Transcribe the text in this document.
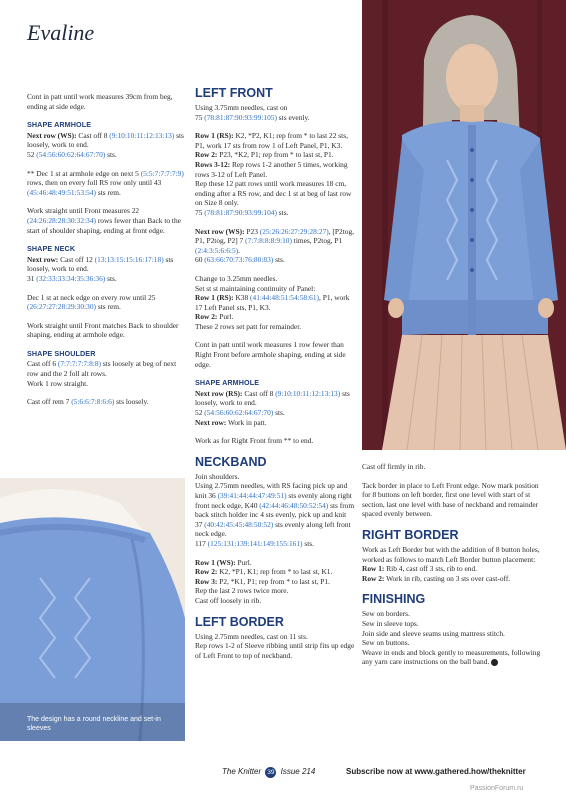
Evaline

Cont in patt until work measures 39cm from beg, ending at side edge.

SHAPE ARMHOLE

Next row (WS): Cast off 8 (9:10:10:11:12:13:13) sts loosely, work to end.
52 (54:56:60:62:64:67:70) sts.

** Dec 1 st at armhole edge on next 5 (5:5:7:7:7:7:9) rows, then on every foll RS row only until 43 (45:46:48:49:51:53:54) sts rem.

Work straight until Front measures 22 (24:26:28:28:30:32:34) rows fewer than Back to the start of shoulder shaping, ending at front edge.

SHAPE NECK

Next row: Cast off 12 (13:13:15:15:16:17:18) sts loosely, work to end.
31 (32:33:33:34:35:36:36) sts.

Dec 1 st at neck edge on every row until 25 (26:27:27:28:29:30:30) sts rem.

Work straight until Front matches Back to shoulder shaping, ending at armhole edge.

SHAPE SHOULDER

Cast off 6 (7:7:7:7:7:8:8) sts loosely at beg of next row and the 2 foll alt rows.

Work 1 row straight.

Cast off rem 7 (5:6:6:7:8:6:6) sts loosely.

LEFT FRONT

Using 3.75mm needles, cast on
75 (78:81:87:90:93:99:105) sts evenly.

Row 1 (RS): K2, *P2, K1; rep from * to last 22 sts, P1, work 17 sts from row 1 of Left Panel, P1, K3.

Row 2: P23, *K2, P1; rep from * to last st, P1.

Rows 3-12: Rep rows 1-2 another 5 times, working rows 3-12 of Left Panel.

Rep these 12 patt rows until work measures 18 cm, ending after a RS row, and dec 1 st at beg of last row on Size 8 only.

75 (78:81:87:90:93:99:104) sts.

Next row (WS): P23 (25:26:26:27:29:28:27), [P2tog, P1, P2tog, P2] 7 (7:7:8:8:8:9:10) times, P2tog, P1 (2:4:3:5:6:6:5).
60 (63:66:70:73:76:80:83) sts.

Change to 3.25mm needles.
Set st st maintaining continuity of Panel:
Row 1 (RS): K38 (41:44:48:51:54:58:61), P1, work 17 Left Panel sts, P1, K3.
Row 2: Purl.
These 2 rows set patt for remainder.

Cont in patt until work measures 1 row fewer than Right Front before armhole shaping, ending at side edge.

SHAPE ARMHOLE

Next row (RS): Cast off 8 (9:10:10:11:12:13:13) sts loosely, work to end.
52 (54:56:60:62:64:67:70) sts.
Next row: Work in patt.

Work as for Right Front from ** to end.

NECKBAND

Join shoulders.
Using 2.75mm needles, with RS facing pick up and knit 36 (39:41:44:44:47:49:51) sts evenly along right front neck edge, K40 (42:44:46:48:50:52:54) sts from back stitch holder inc 4 sts evenly, pick up and knit 37 (40:42:45:45:48:50:52) sts evenly along left front neck edge.
117 (125:131:139:141:149:155:161) sts.

Row 1 (WS): Purl.
Row 2: K2, *P1, K1; rep from * to last st, K1.
Row 3: P2, *K1, P1; rep from * to last st, P1.
Rep the last 2 rows twice more.
Cast off loosely in rib.

LEFT BORDER

Using 2.75mm needles, cast on 11 sts.
Rep rows 1-2 of Sleeve ribbing until strip fits up edge of Left Front to top of neckband.

Cast off firmly in rib.

Tack border in place to Left Front edge. Now mark position for 8 buttons on left border, first one level with start of st section, last one level with base of neckband and remainder spaced evenly between.

RIGHT BORDER

Work as Left Border but with the addition of 8 button holes, worked as follows to match Left Border button placement:
Row 1: Rib 4, cast off 3 sts, rib to end.
Row 2: Work in rib, casting on 3 sts over cast-off.

FINISHING

Sew on borders.
Sew in sleeve tops.
Join side and sleeve seams using mattress stitch.
Sew on buttons.
Weave in ends and block gently to measurements, following any yarn care instructions on the ball band.

The design has a round neckline and set-in sleeves
The Knitter 39 Issue 214	Subscribe now at www.gathered.how/theknitter
PassionForum.ru
